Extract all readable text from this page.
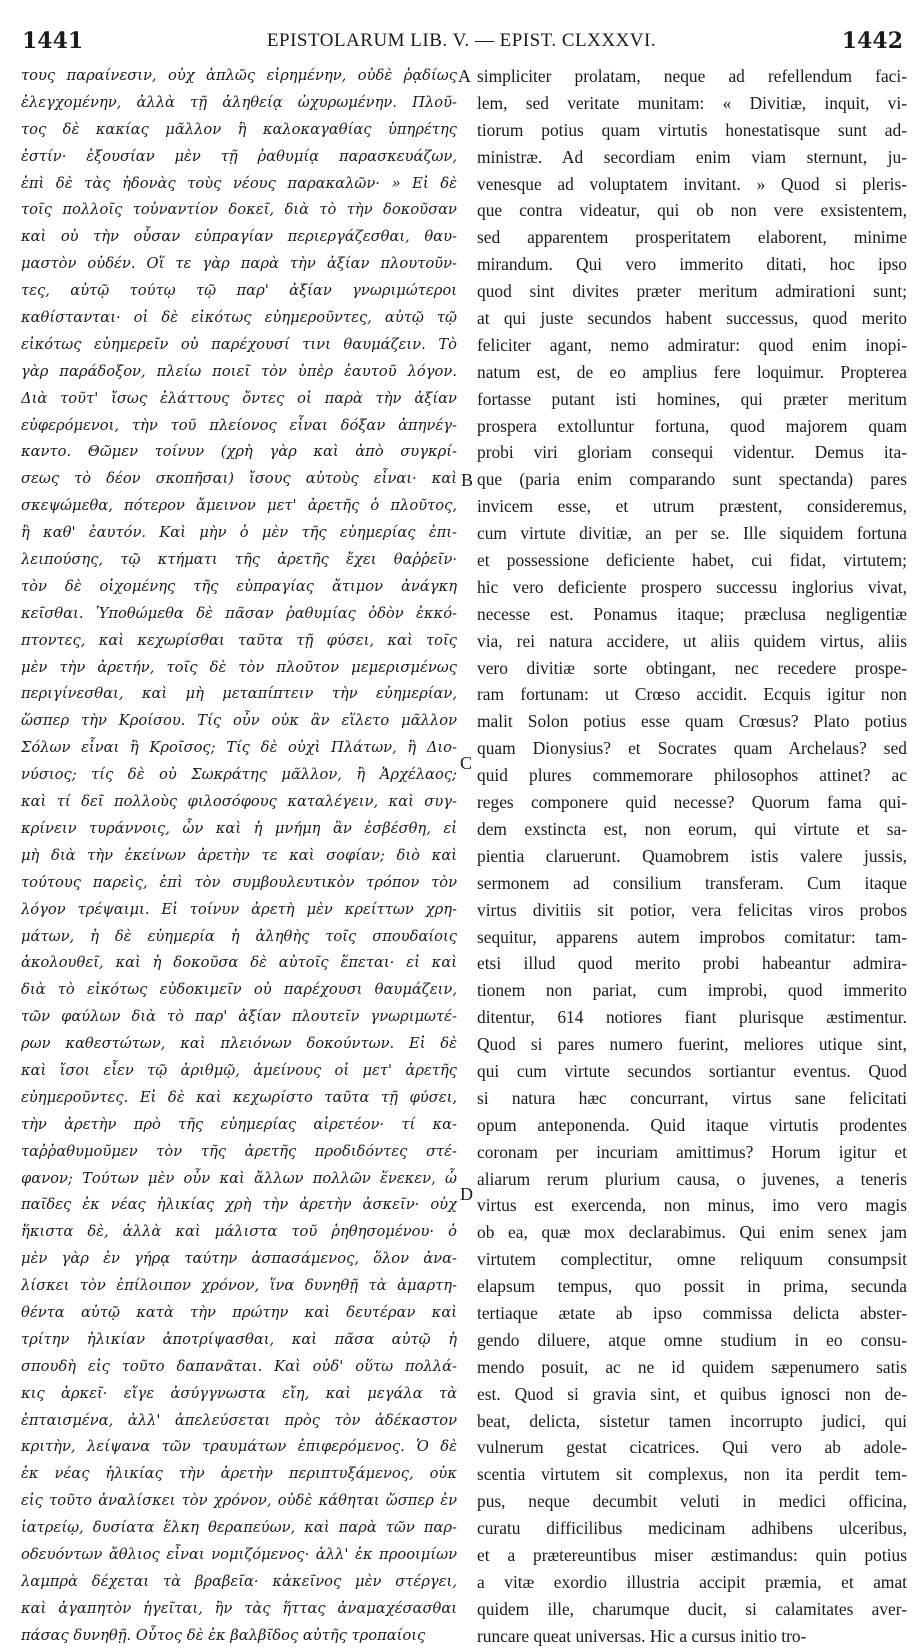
1441	EPISTOLARUM LIB. V. — EPIST. CLXXXVI.	1442
τους παραίνεσιν, οὐχ ἁπλῶς εἰρημένην, οὐδὲ ῥᾳδίως
ἐλεγχομένην, ἀλλὰ τῇ ἀληθείᾳ ὠχυρωμένην. Πλοῦ-
τος δὲ κακίας μᾶλλον ἢ καλοκαγαθίας ὑπηρέτης
ἐστίν· ἐξουσίαν μὲν τῇ ῥαθυμίᾳ παρασκευάζων,
ἐπὶ δὲ τὰς ἡδονὰς τοὺς νέους παρακαλῶν· » Εἰ δὲ
τοῖς πολλοῖς τοὐναντίον δοκεῖ, διὰ τὸ τὴν δοκοῦσαν
καὶ οὐ τὴν οὖσαν εὐπραγίαν περιεργάζεσθαι, θαυ-
μαστὸν οὐδέν. Οἵ τε γὰρ παρὰ τὴν ἀξίαν πλουτοῦν-
τες, αὐτῷ τούτῳ τῷ παρ' ἀξίαν γνωριμώτεροι
καθίστανται· οἱ δὲ εἰκότως εὐημεροῦντες, αὐτῷ τῷ
εἰκότως εὐημερεῖν οὐ παρέχουσί τινι θαυμάζειν. Τὸ
γὰρ παράδοξον, πλείω ποιεῖ τὸν ὑπὲρ ἑαυτοῦ λόγον.
Διὰ τοῦτ' ἴσως ἐλάττους ὄντες οἱ παρὰ τὴν ἀξίαν
εὐφερόμενοι, τὴν τοῦ πλείονος εἶναι δόξαν ἀπηνέγ-
καντο. Θῶμεν τοίνυν (χρὴ γὰρ καὶ ἀπὸ συγκρί-
σεως τὸ δέον σκοπῆσαι) ἴσους αὐτοὺς εἶναι· καὶ
σκεψώμεθα, πότερον ἄμεινον μετ' ἀρετῆς ὁ πλοῦτος,
ἢ καθ' ἑαυτόν. Καὶ μὴν ὁ μὲν τῆς εὐημερίας ἐπι-
λειπούσης, τῷ κτήματι τῆς ἀρετῆς ἔχει θαῤῥεῖν·
τὸν δὲ οἰχομένης τῆς εὐπραγίας ἄτιμον ἀνάγκη
κεῖσθαι. Ὑποθώμεθα δὲ πᾶσαν ῥαθυμίας ὁδὸν ἐκκό-
πτοντες, καὶ κεχωρίσθαι ταῦτα τῇ φύσει, καὶ τοῖς
μὲν τὴν ἀρετήν, τοῖς δὲ τὸν πλοῦτον μεμερισμένως
περιγίνεσθαι, καὶ μὴ μεταπίπτειν τὴν εὐημερίαν,
ὥσπερ τὴν Κροίσου. Τίς οὖν οὐκ ἂν εἵλετο μᾶλλον
Σόλων εἶναι ἢ Κροῖσος; Τίς δὲ οὐχὶ Πλάτων, ἢ Διο-
νύσιος; τίς δὲ οὐ Σωκράτης μᾶλλον, ἢ Ἀρχέλαος;
καὶ τί δεῖ πολλοὺς φιλοσόφους καταλέγειν, καὶ συγ-
κρίνειν τυράννοις, ὧν καὶ ἡ μνήμη ἂν ἐσβέσθη, εἰ
μὴ διὰ τὴν ἐκείνων ἀρετὴν τε καὶ σοφίαν; διὸ καὶ
τούτους παρεὶς, ἐπὶ τὸν συμβουλευτικὸν τρόπον τὸν
λόγον τρέψαιμι. Εἰ τοίνυν ἀρετὴ μὲν κρείττων χρη-
μάτων, ἡ δὲ εὐημερία ἡ ἀληθὴς τοῖς σπουδαίοις
ἀκολουθεῖ, καὶ ἡ δοκοῦσα δὲ αὐτοῖς ἕπεται· εἰ καὶ
διὰ τὸ εἰκότως εὐδοκιμεῖν οὐ παρέχουσι θαυμάζειν,
τῶν φαύλων διὰ τὸ παρ' ἀξίαν πλουτεῖν γνωριμωτέ-
ρων καθεστώτων, καὶ πλειόνων δοκούντων. Εἰ δὲ
καὶ ἴσοι εἶεν τῷ ἀριθμῷ, ἀμείνους οἱ μετ' ἀρετῆς
εὐημεροῦντες. Εἰ δὲ καὶ κεχωρίστο ταῦτα τῇ φύσει,
τὴν ἀρετὴν πρὸ τῆς εὐημερίας αἱρετέον· τί κα-
ταῤῥαθυμοῦμεν τὸν τῆς ἀρετῆς προδιδόντες στέ-
φανον; Τούτων μὲν οὖν καὶ ἄλλων πολλῶν ἕνεκεν, ὦ
παῖδες ἐκ νέας ἡλικίας χρὴ τὴν ἀρετὴν ἀσκεῖν· οὐχ
ἥκιστα δὲ, ἀλλὰ καὶ μάλιστα τοῦ ῥηθησομένου· ὁ
μὲν γὰρ ἐν γήρᾳ ταύτην ἀσπασάμενος, ὅλον ἀνα-
λίσκει τὸν ἐπίλοιπον χρόνον, ἵνα δυνηθῇ τὰ ἁμαρτη-
θέντα αὐτῷ κατὰ τὴν πρώτην καὶ δευτέραν καὶ
τρίτην ἡλικίαν ἀποτρίψασθαι, καὶ πᾶσα αὐτῷ ἡ
σπουδὴ εἰς τοῦτο δαπανᾶται. Καὶ οὐδ' οὕτω πολλά-
κις ἀρκεῖ· εἴγε ἀσύγγνωστα εἴη, καὶ μεγάλα τὰ
ἐπταισμένα, ἀλλ' ἀπελεύσεται πρὸς τὸν ἀδέκαστον
κριτὴν, λείψανα τῶν τραυμάτων ἐπιφερόμενος. Ὁ δὲ
ἐκ νέας ἡλικίας τὴν ἀρετὴν περιπτυξάμενος, οὐκ
εἰς τοῦτο ἀναλίσκει τὸν χρόνον, οὐδὲ κάθηται ὥσπερ ἐν
ἰατρείῳ, δυσίατα ἕλκη θεραπεύων, καὶ παρὰ τῶν παρ-
οδευόντων ἄθλιος εἶναι νομιζόμενος· ἀλλ' ἐκ προοιμίων
λαμπρὰ δέχεται τὰ βραβεῖα· κἀκεῖνος μὲν στέργει,
καὶ ἀγαπητὸν ἡγεῖται, ἢν τὰς ἥττας ἀναμαχέσασθαι
πάσας δυνηθῇ. Οὗτος δὲ ἐκ βαλβῖδος αὐτῆς τροπαίοις
simpliciter prolatam, neque ad refellendum faci-
lem, sed veritate munitam: « Divitiæ, inquit, vi-
tiorum potius quam virtutis honestatisque sunt ad-
ministræ. Ad secordiam enim viam sternunt, ju-
venesque ad voluptatem invitant. » Quod si pleris-
que contra videatur, qui ob non vere exsistentem,
sed apparentem prosperitatem elaborent, minime
mirandum. Qui vero immerito ditati, hoc ipso
quod sint divites præter meritum admirationi sunt;
at qui juste secundos habent successus, quod merito
feliciter agant, nemo admiratur: quod enim inopi-
natum est, de eo amplius fere loquimur. Propterea
fortasse putant isti homines, qui præter meritum
prospera extolluntur fortuna, quod majorem quam
probi viri gloriam consequi videntur. Demus ita-
que (paria enim comparando sunt spectanda) pares
invicem esse, et utrum præstent, consideremus,
cum virtute divitiæ, an per se. Ille siquidem fortuna
et possessione deficiente habet, cui fidat, virtutem;
hic vero deficiente prospero successu inglorius vivat,
necesse est. Ponamus itaque; præclusa negligentiæ
via, rei natura accidere, ut aliis quidem virtus, aliis
vero divitiæ sorte obtingant, nec recedere prospe-
ram fortunam: ut Crœso accidit. Ecquis igitur non
malit Solon potius esse quam Crœsus? Plato potius
quam Dionysius? et Socrates quam Archelaus? sed
quid plures commemorare philosophos attinet? ac
reges componere quid necesse? Quorum fama qui-
dem exstincta est, non eorum, qui virtute et sa-
pientia claruerunt. Quamobrem istis valere jussis,
sermonem ad consilium transferam. Cum itaque
virtus divitiis sit potior, vera felicitas viros probos
sequitur, apparens autem improbos comitatur: tam-
etsi illud quod merito probi habeantur admira-
tionem non pariat, cum improbi, quod immerito
ditentur, 614 notiores fiant plurisque æstimentur.
Quod si pares numero fuerint, meliores utique sint,
qui cum virtute secundos sortiantur eventus. Quod
si natura hæc concurrant, virtus sane felicitati
opum anteponenda. Quid itaque virtutis prodentes
coronam per incuriam amittimus? Horum igitur et
aliarum rerum plurium causa, o juvenes, a teneris
virtus est exercenda, non minus, imo vero magis
ob ea, quæ mox declarabimus. Qui enim senex jam
virtutem complectitur, omne reliquum consumpsit
elapsum tempus, quo possit in prima, secunda
tertiaque ætate ab ipso commissa delicta abster-
gendo diluere, atque omne studium in eo consu-
mendo posuit, ac ne id quidem sæpenumero satis
est. Quod si gravia sint, et quibus ignosci non de-
beat, delicta, sistetur tamen incorrupto judici, qui
vulnerum gestat cicatrices. Qui vero ab adole-
scentia virtutem sit complexus, non ita perdit tem-
pus, neque decumbit veluti in medici officina,
curatu difficilibus medicinam adhibens ulceribus,
et a prætereuntibus miser æstimandus: quin potius
a vitæ exordio illustria accipit præmia, et amat
quidem ille, charumque ducit, si calamitates aver-
runcare queat universas. Hic a cursus initio tro-
A
B
C
D
